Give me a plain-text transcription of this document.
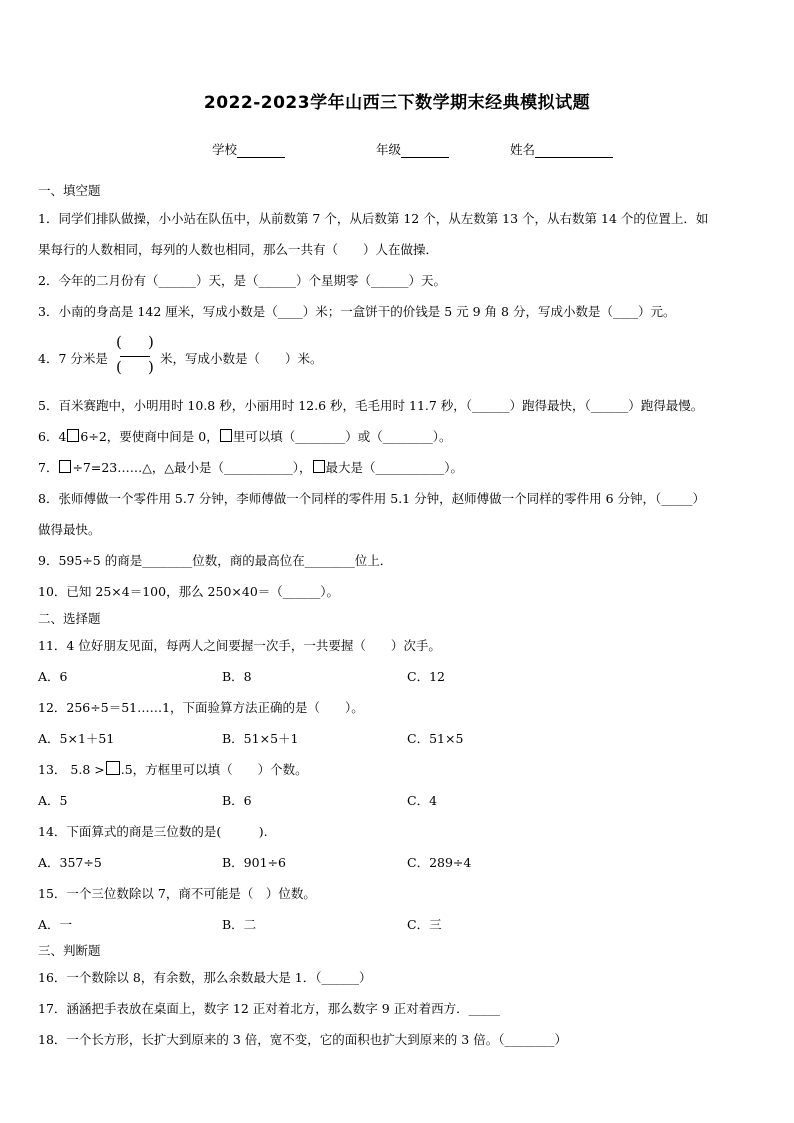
2022-2023学年山西三下数学期末经典模拟试题
学校	年级	姓名
一、填空题
1．同学们排队做操，小小站在队伍中，从前数第 7 个，从后数第 12 个，从左数第 13 个，从右数第 14 个的位置上．如
果每行的人数相同，每列的人数也相同，那么一共有（　　）人在做操．
2．今年的二月份有（______）天，是（______）个星期零（______）天。
3．小南的身高是 142 厘米，写成小数是（____）米；一盒饼干的价钱是 5 元 9 角 8 分，写成小数是（____）元。
4．7 分米是
( )
( ) 米，写成小数是（　　）米。
5．百米赛跑中，小明用时 10.8 秒，小丽用时 12.6 秒，毛毛用时 11.7 秒，（______）跑得最快，（______）跑得最慢。
6．4 6÷2，要使商中间是 0， 里可以填（________）或（________）。
7． ÷7=23……△，△最小是（___________）， 最大是（___________）。
8．张师傅做一个零件用 5.7 分钟，李师傅做一个同样的零件用 5.1 分钟，赵师傅做一个同样的零件用 6 分钟，（_____）
做得最快。
9．595÷5 的商是________位数，商的最高位在________位上．
10．已知 25×4＝100，那么 250×40＝（______）。
二、选择题
11．4 位好朋友见面，每两人之间要握一次手，一共要握（　　）次手。
A．6	B．8	C．12
12．256÷5＝51……1，下面验算方法正确的是（　　）。
A．5×1＋51	B．51×5＋1	C．51×5
13． 5.8 > .5，方框里可以填（　　）个数。
A．5	B．6	C．4
14．下面算式的商是三位数的是(　　　).
A．357÷5	B．901÷6	C．289÷4
15．一个三位数除以 7，商不可能是（　）位数。
A．一	B．二	C．三
三、判断题
16．一个数除以 8，有余数，那么余数最大是 1．（______）
17．涵涵把手表放在桌面上，数字 12 正对着北方，那么数字 9 正对着西方．_____
18．一个长方形，长扩大到原来的 3 倍，宽不变，它的面积也扩大到原来的 3 倍。（________）
